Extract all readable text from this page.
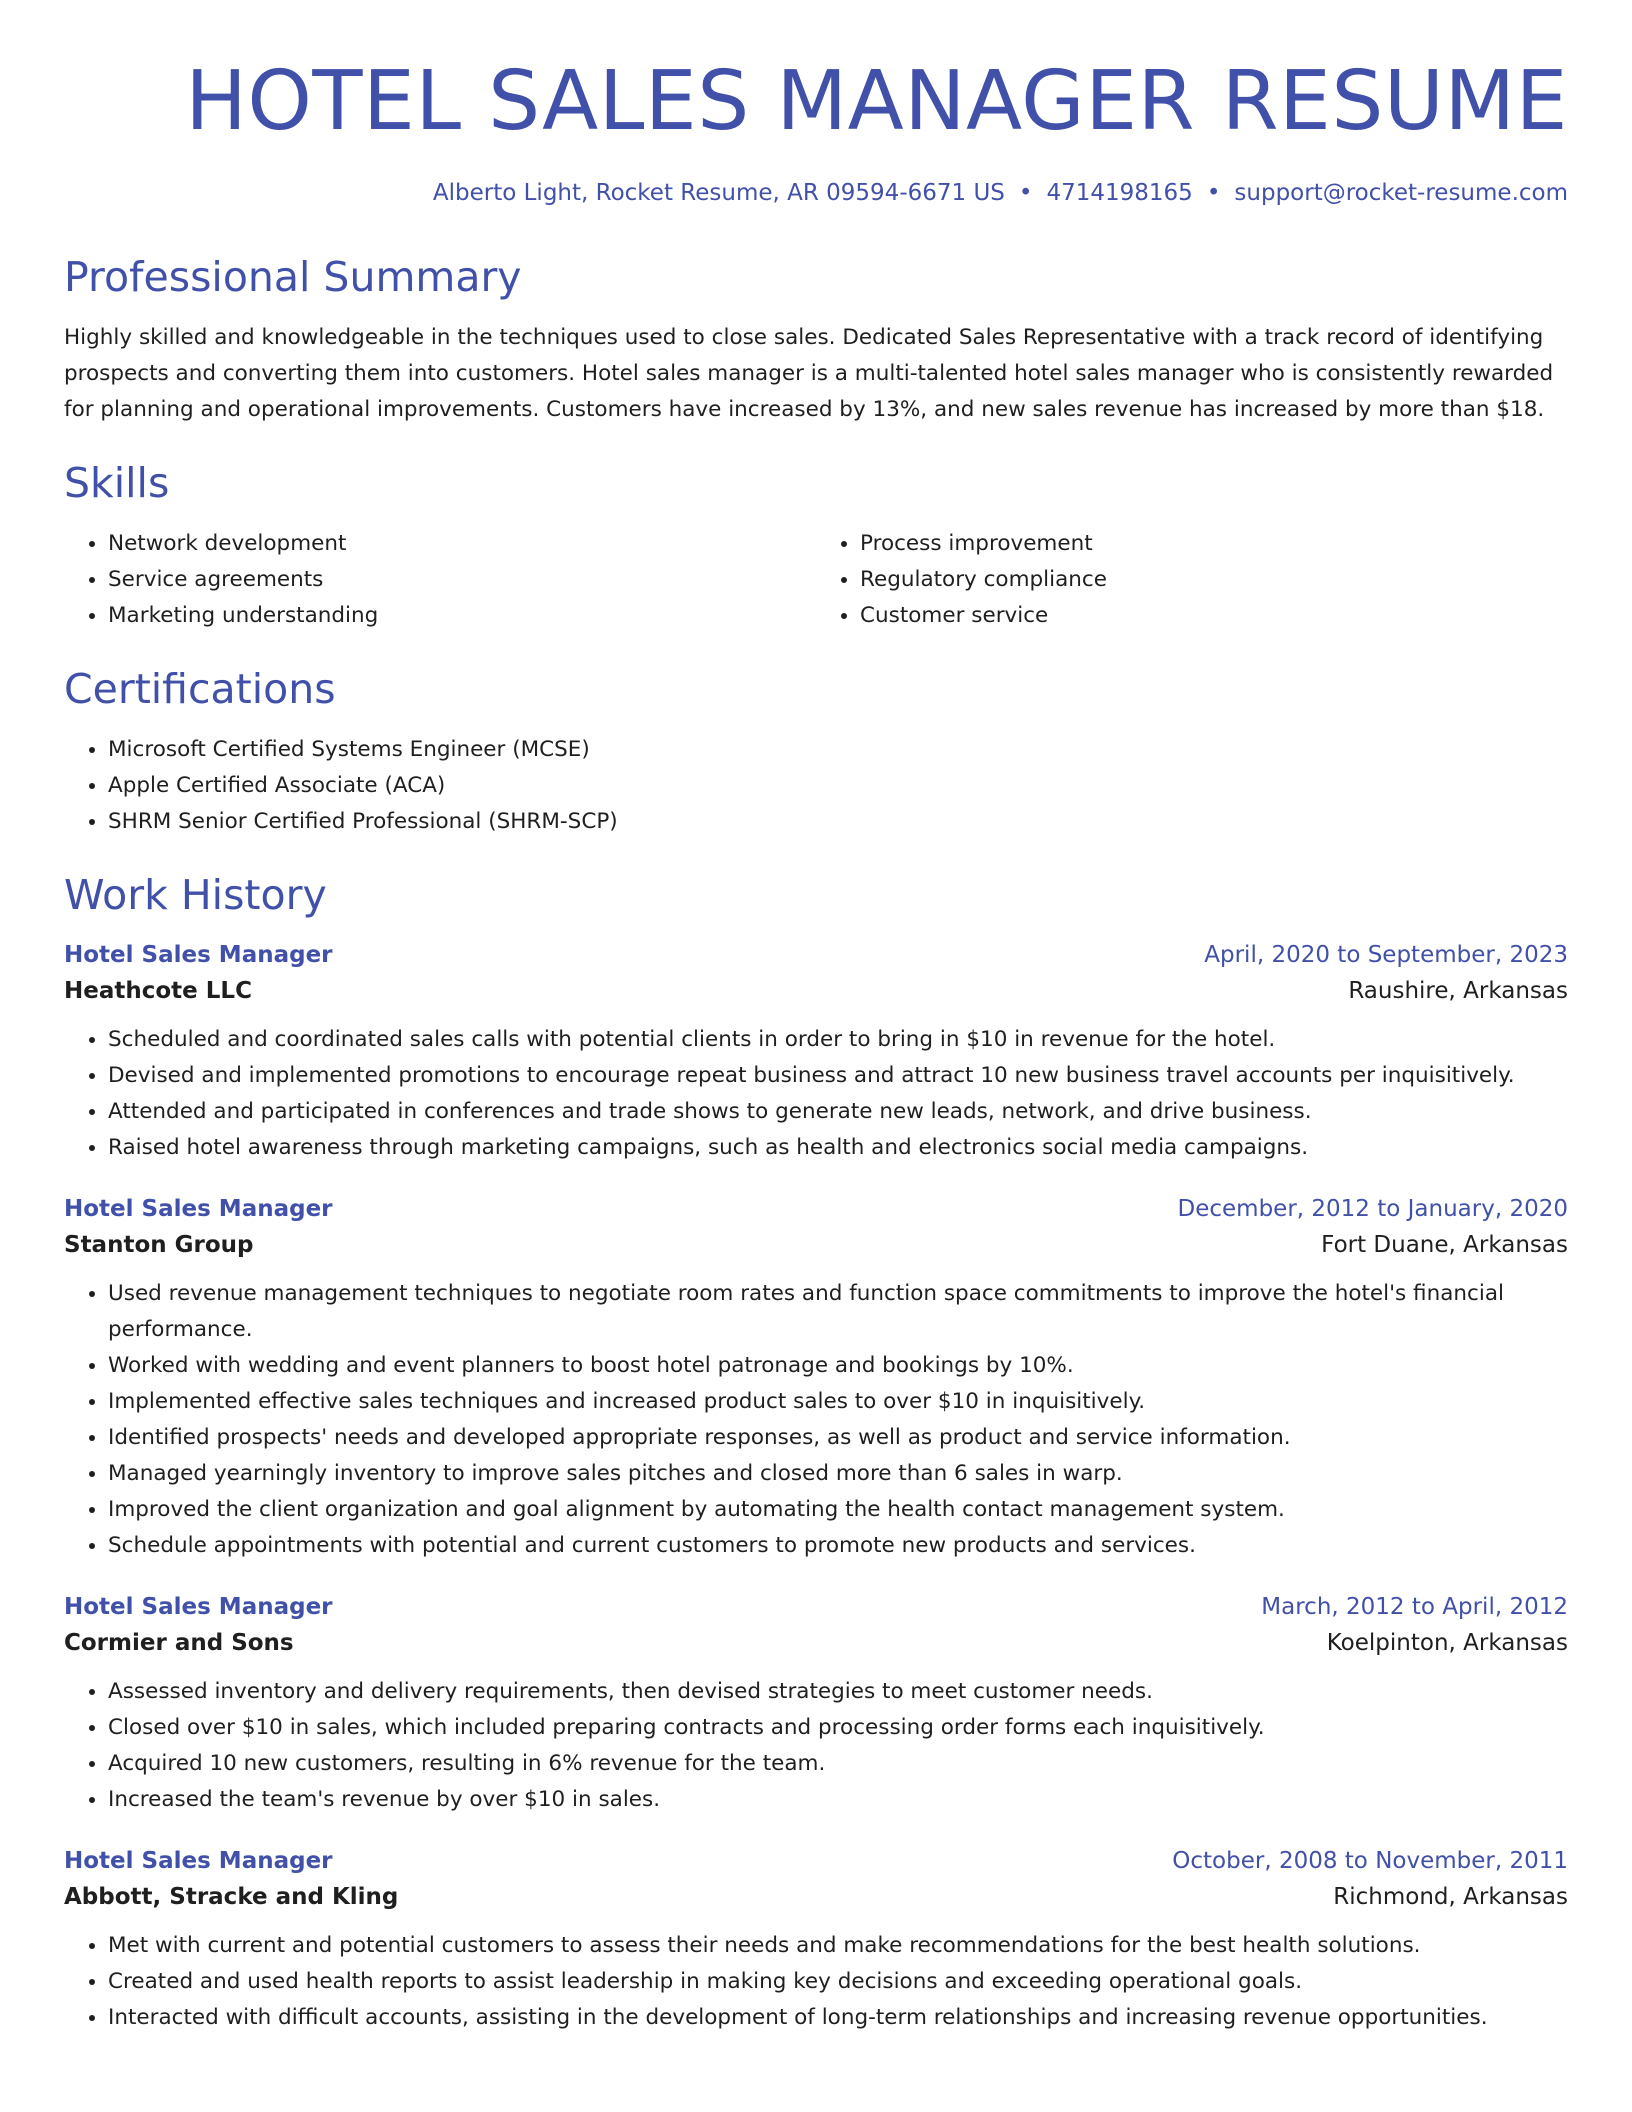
HOTEL SALES MANAGER RESUME
Alberto Light, Rocket Resume, AR 09594-6671 US • 4714198165 • support@rocket-resume.com
Professional Summary

Highly skilled and knowledgeable in the techniques used to close sales. Dedicated Sales Representative with a track record of identifying prospects and converting them into customers. Hotel sales manager is a multi-talented hotel sales manager who is consistently rewarded for planning and operational improvements. Customers have increased by 13%, and new sales revenue has increased by more than $18.

Skills
• Network development
• Service agreements
• Marketing understanding
• Process improvement
• Regulatory compliance
• Customer service
Certifications
• Microsoft Certified Systems Engineer (MCSE)
• Apple Certified Associate (ACA)
• SHRM Senior Certified Professional (SHRM-SCP)
Work History
Hotel Sales Manager	April, 2020 to September, 2023
Heathcote LLC	Raushire, Arkansas
• Scheduled and coordinated sales calls with potential clients in order to bring in $10 in revenue for the hotel.
• Devised and implemented promotions to encourage repeat business and attract 10 new business travel accounts per inquisitively.
• Attended and participated in conferences and trade shows to generate new leads, network, and drive business.
• Raised hotel awareness through marketing campaigns, such as health and electronics social media campaigns.
Hotel Sales Manager	December, 2012 to January, 2020
Stanton Group	Fort Duane, Arkansas
• Used revenue management techniques to negotiate room rates and function space commitments to improve the hotel's financial performance.
• Worked with wedding and event planners to boost hotel patronage and bookings by 10%.
• Implemented effective sales techniques and increased product sales to over $10 in inquisitively.
• Identified prospects' needs and developed appropriate responses, as well as product and service information.
• Managed yearningly inventory to improve sales pitches and closed more than 6 sales in warp.
• Improved the client organization and goal alignment by automating the health contact management system.
• Schedule appointments with potential and current customers to promote new products and services.
Hotel Sales Manager	March, 2012 to April, 2012
Cormier and Sons	Koelpinton, Arkansas
• Assessed inventory and delivery requirements, then devised strategies to meet customer needs.
• Closed over $10 in sales, which included preparing contracts and processing order forms each inquisitively.
• Acquired 10 new customers, resulting in 6% revenue for the team.
• Increased the team's revenue by over $10 in sales.
Hotel Sales Manager	October, 2008 to November, 2011
Abbott, Stracke and Kling	Richmond, Arkansas
• Met with current and potential customers to assess their needs and make recommendations for the best health solutions.
• Created and used health reports to assist leadership in making key decisions and exceeding operational goals.
• Interacted with difficult accounts, assisting in the development of long-term relationships and increasing revenue opportunities.
